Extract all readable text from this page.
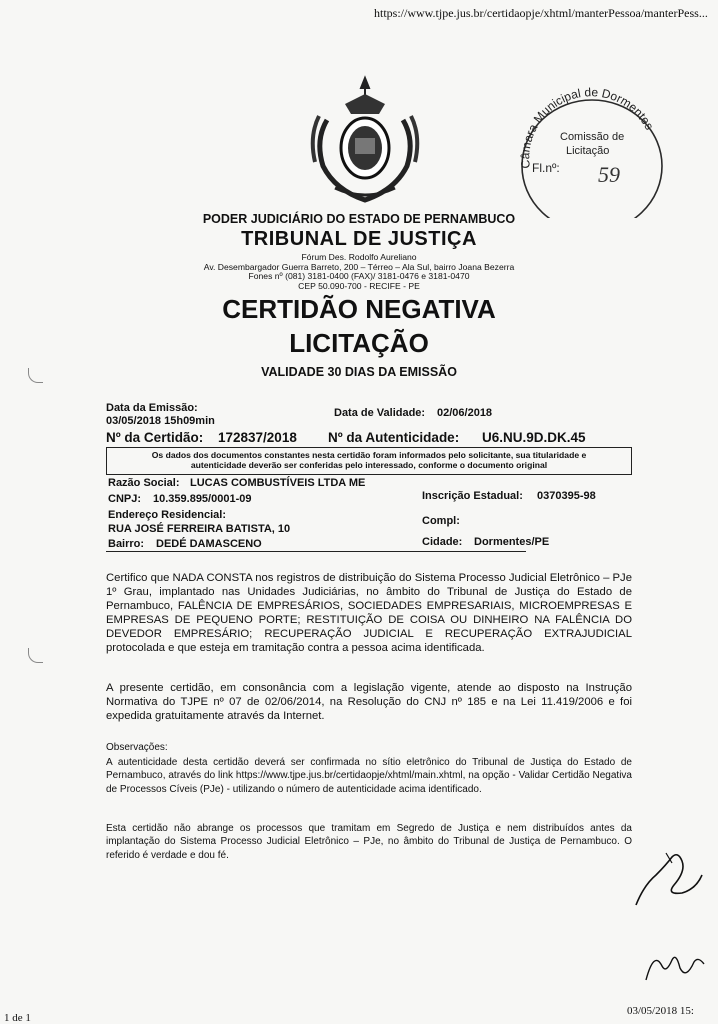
https://www.tjpe.jus.br/certidaopje/xhtml/manterPessoa/manterPess...

Câmara Municipal de Dormentes
Comissão de
Licitação
Fl.nº: 59
PODER JUDICIÁRIO DO ESTADO DE PERNAMBUCO
TRIBUNAL DE JUSTIÇA
Fórum Des. Rodolfo Aureliano
Av. Desembargador Guerra Barreto, 200 – Térreo – Ala Sul, bairro Joana Bezerra
Fones nº (081) 3181-0400 (FAX)/ 3181-0476 e 3181-0470
CEP 50.090-700 - RECIFE - PE
CERTIDÃO NEGATIVA
LICITAÇÃO
VALIDADE 30 DIAS DA EMISSÃO
Data da Emissão:
03/05/2018 15h09min
Data de Validade: 02/06/2018
Nº da Certidão: 172837/2018 Nº da Autenticidade: U6.NU.9D.DK.45
Os dados dos documentos constantes nesta certidão foram informados pelo solicitante, sua titularidade e
autenticidade deverão ser conferidas pelo interessado, conforme o documento original
Razão Social: LUCAS COMBUSTÍVEIS LTDA ME
CNPJ: 10.359.895/0001-09	Inscrição Estadual: 0370395-98
Endereço Residencial:
RUA JOSÉ FERREIRA BATISTA, 10
Compl:
Bairro: DEDÉ DAMASCENO	Cidade: Dormentes/PE
Certifico que NADA CONSTA nos registros de distribuição do Sistema Processo Judicial Eletrônico – PJe 1º Grau, implantado nas Unidades Judiciárias, no âmbito do Tribunal de Justiça do Estado de Pernambuco, FALÊNCIA DE EMPRESÁRIOS, SOCIEDADES EMPRESARIAIS, MICROEMPRESAS E EMPRESAS DE PEQUENO PORTE; RESTITUIÇÃO DE COISA OU DINHEIRO NA FALÊNCIA DO DEVEDOR EMPRESÁRIO; RECUPERAÇÃO JUDICIAL E RECUPERAÇÃO EXTRAJUDICIAL protocolada e que esteja em tramitação contra a pessoa acima identificada.
A presente certidão, em consonância com a legislação vigente, atende ao disposto na Instrução Normativa do TJPE nº 07 de 02/06/2014, na Resolução do CNJ nº 185 e na Lei 11.419/2006 e foi expedida gratuitamente através da Internet.
Observações:
A autenticidade desta certidão deverá ser confirmada no sítio eletrônico do Tribunal de Justiça do Estado de Pernambuco, através do link https://www.tjpe.jus.br/certidaopje/xhtml/main.xhtml, na opção - Validar Certidão Negativa de Processos Cíveis (PJe) - utilizando o número de autenticidade acima identificado.
Esta certidão não abrange os processos que tramitam em Segredo de Justiça e nem distribuídos antes da implantação do Sistema Processo Judicial Eletrônico – PJe, no âmbito do Tribunal de Justiça de Pernambuco. O referido é verdade e dou fé.
1 de 1
03/05/2018 15:
